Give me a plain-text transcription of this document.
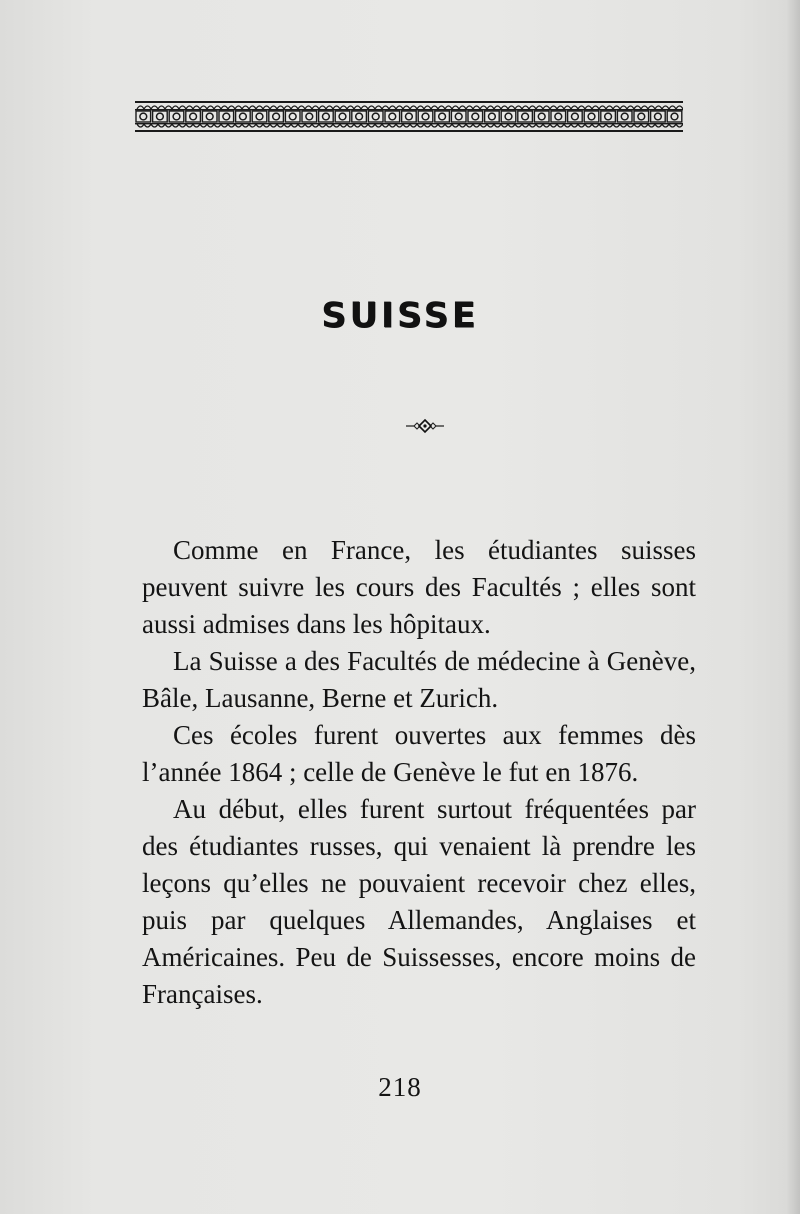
SUISSE

Comme en France, les étudiantes suisses peuvent suivre les cours des Facultés ; elles sont aussi admises dans les hôpitaux.

La Suisse a des Facultés de médecine à Genève, Bâle, Lausanne, Berne et Zurich.

Ces écoles furent ouvertes aux femmes dès l’année 1864 ; celle de Genève le fut en 1876.

Au début, elles furent surtout fréquentées par des étudiantes russes, qui venaient là prendre les leçons qu’elles ne pouvaient recevoir chez elles, puis par quelques Allemandes, Anglaises et Américaines. Peu de Suissesses, encore moins de Françaises.

218
